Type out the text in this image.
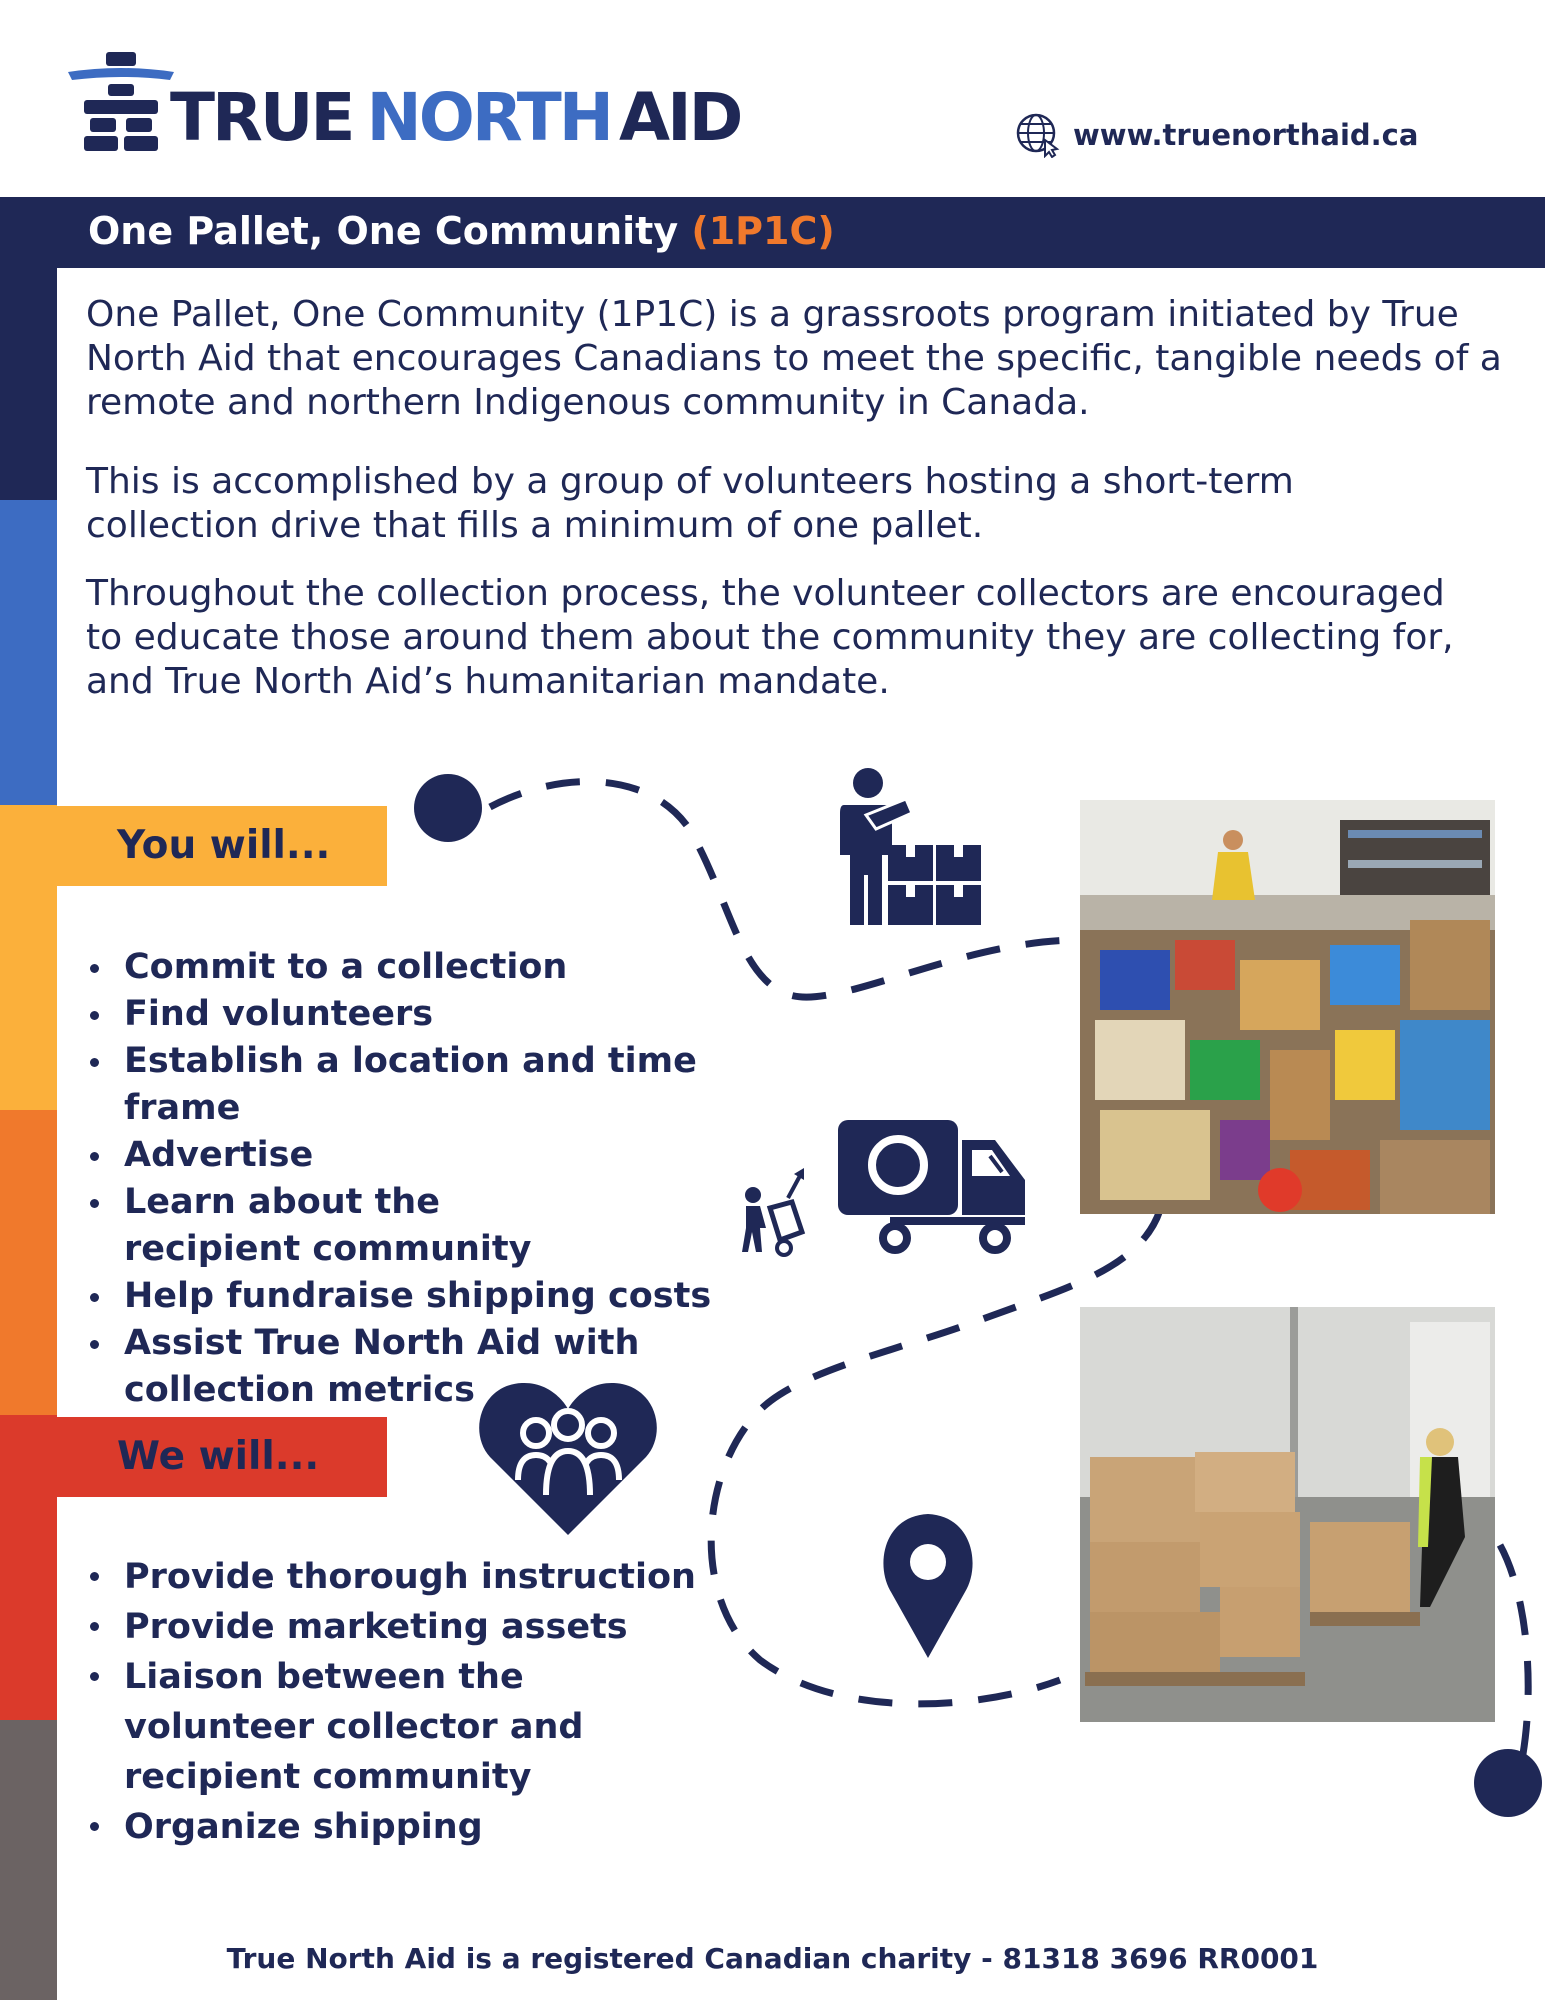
TRUE NORTH AID	www.truenorthaid.ca
One Pallet, One Community (1P1C)

One Pallet, One Community (1P1C) is a grassroots program initiated by True North Aid that encourages Canadians to meet the specific, tangible needs of a remote and northern Indigenous community in Canada.

This is accomplished by a group of volunteers hosting a short-term collection drive that fills a minimum of one pallet.

Throughout the collection process, the volunteer collectors are encouraged to educate those around them about the community they are collecting for, and True North Aid’s humanitarian mandate.

You will...
Commit to a collection
Find volunteers
Establish a location and time frame
Advertise
Learn about the recipient community
Help fundraise shipping costs
Assist True North Aid with collection metrics
We will...
Provide thorough instruction
Provide marketing assets
Liaison between the volunteer collector and recipient community
Organize shipping
True North Aid is a registered Canadian charity - 81318 3696 RR0001
